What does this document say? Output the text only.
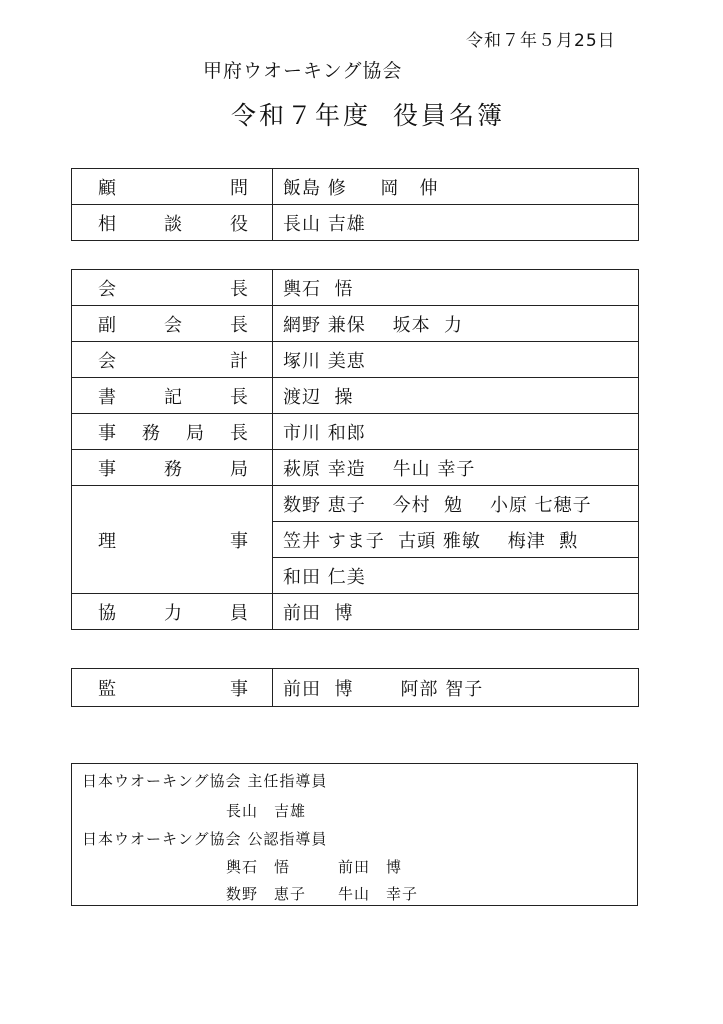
令和７年５月25日
甲府ウオーキング協会
令和７年度 役員名簿
顧問	飯島 修     岡   伸
相談役	長山 吉雄
会長	輿石  悟
副会長	網野 兼保    坂本  力
会計	塚川 美恵
書記長	渡辺  操
事務局長	市川 和郎
事務局	萩原 幸造    牛山 幸子
理事	数野 恵子    今村  勉    小原 七穂子
	笠井 すま子  古頭 雅敏    梅津  勲
	和田 仁美
協力員	前田  博
監事	前田  博       阿部 智子
日本ウオーキング協会 主任指導員
長山　吉雄
日本ウオーキング協会 公認指導員
輿石　悟　　　前田　博
数野　恵子　　牛山　幸子
